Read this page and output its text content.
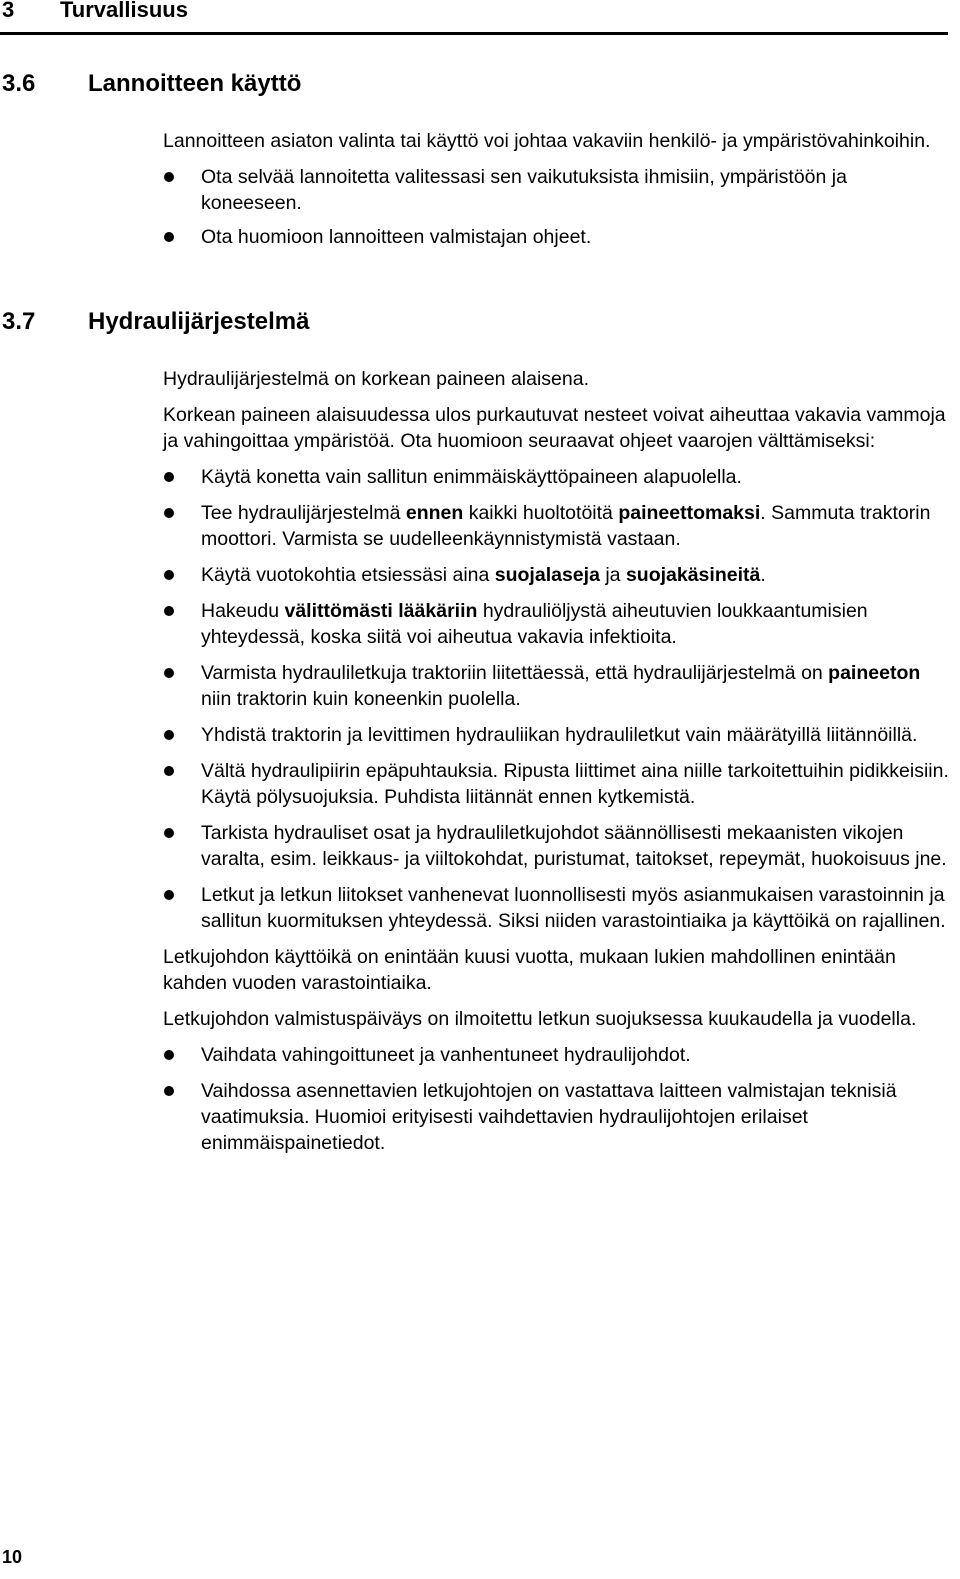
3 Turvallisuus
3.6 Lannoitteen käyttö

Lannoitteen asiaton valinta tai käyttö voi johtaa vakaviin henkilö- ja ympäristövahinkoihin.

Ota selvää lannoitetta valitessasi sen vaikutuksista ihmisiin, ympäristöön ja koneeseen.
Ota huomioon lannoitteen valmistajan ohjeet.
3.7 Hydraulijärjestelmä

Hydraulijärjestelmä on korkean paineen alaisena.

Korkean paineen alaisuudessa ulos purkautuvat nesteet voivat aiheuttaa vakavia vammoja ja vahingoittaa ympäristöä. Ota huomioon seuraavat ohjeet vaarojen välttämiseksi:

Käytä konetta vain sallitun enimmäiskäyttöpaineen alapuolella.
Tee hydraulijärjestelmä ennen kaikki huoltotöitä paineettomaksi. Sammuta traktorin moottori. Varmista se uudelleenkäynnistymistä vastaan.
Käytä vuotokohtia etsiessäsi aina suojalaseja ja suojakäsineitä.
Hakeudu välittömästi lääkäriin hydrauliöljystä aiheutuvien loukkaantumisien yhteydessä, koska siitä voi aiheutua vakavia infektioita.
Varmista hydrauliletkuja traktoriin liitettäessä, että hydraulijärjestelmä on paineeton niin traktorin kuin koneenkin puolella.
Yhdistä traktorin ja levittimen hydrauliikan hydrauliletkut vain määrätyillä liitännöillä.
Vältä hydraulipiirin epäpuhtauksia. Ripusta liittimet aina niille tarkoitettuihin pidikkeisiin. Käytä pölysuojuksia. Puhdista liitännät ennen kytkemistä.
Tarkista hydrauliset osat ja hydrauliletkujohdot säännöllisesti mekaanisten vikojen varalta, esim. leikkaus- ja viiltokohdat, puristumat, taitokset, repeymät, huokoisuus jne.
Letkut ja letkun liitokset vanhenevat luonnollisesti myös asianmukaisen varastoinnin ja sallitun kuormituksen yhteydessä. Siksi niiden varastointiaika ja käyttöikä on rajallinen.

Letkujohdon käyttöikä on enintään kuusi vuotta, mukaan lukien mahdollinen enintään kahden vuoden varastointiaika.

Letkujohdon valmistuspäiväys on ilmoitettu letkun suojuksessa kuukaudella ja vuodella.

Vaihdata vahingoittuneet ja vanhentuneet hydraulijohdot.
Vaihdossa asennettavien letkujohtojen on vastattava laitteen valmistajan teknisiä vaatimuksia. Huomioi erityisesti vaihdettavien hydraulijohtojen erilaiset enimmäispainetiedot.
10
